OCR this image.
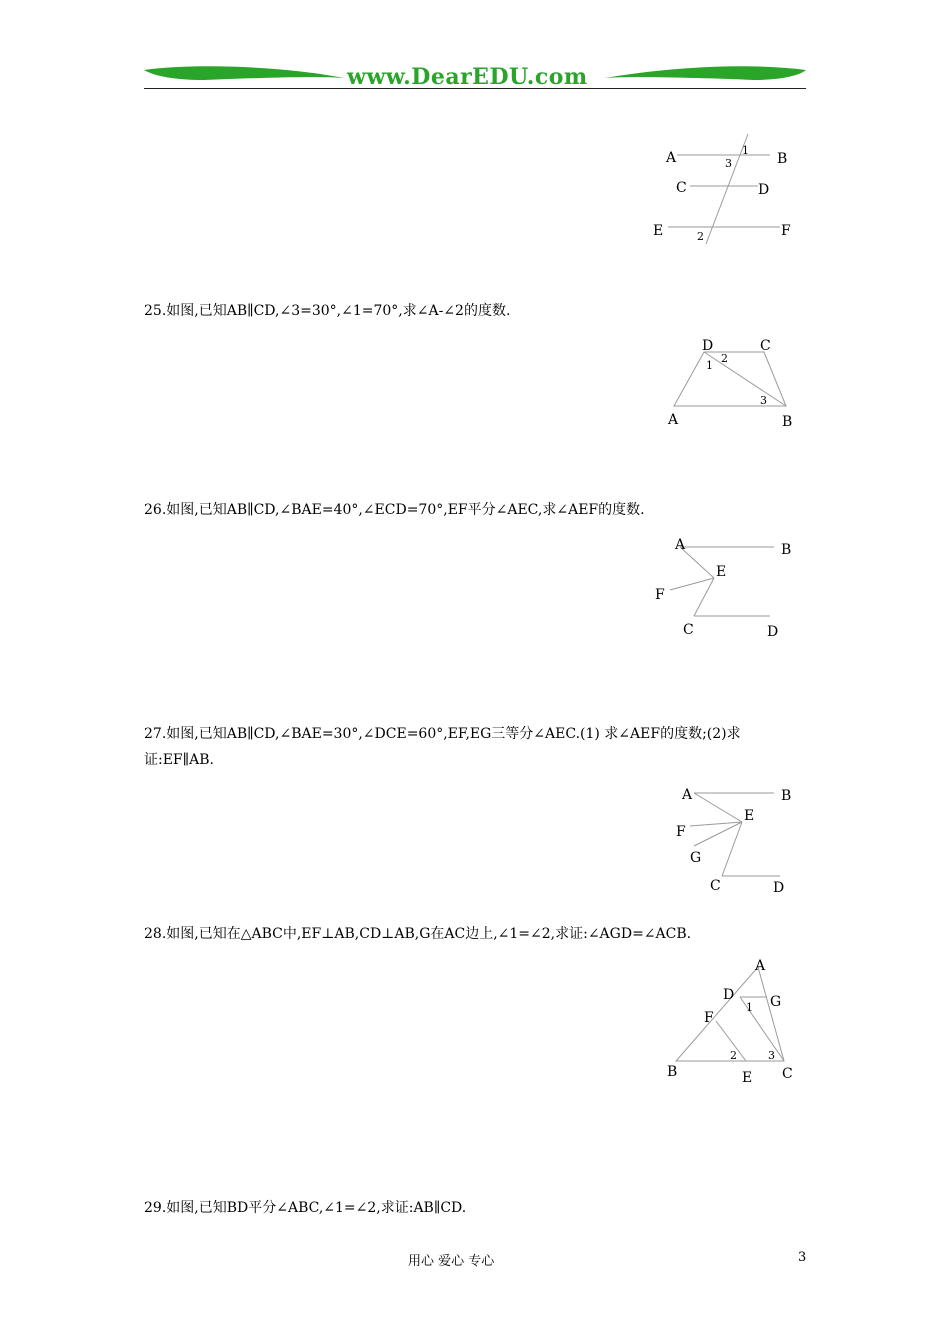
www.DearEDU.com
A	B
C	D
E	F
1
2
3
25.如图,已知AB∥CD,∠3=30°,∠1=70°,求∠A-∠2的度数.
D	C
A	B
1
2
3
26.如图,已知AB∥CD,∠BAE=40°,∠ECD=70°,EF平分∠AEC,求∠AEF的度数.
A	B
E
F
C	D
27.如图,已知AB∥CD,∠BAE=30°,∠DCE=60°,EF,EG三等分∠AEC.(1) 求∠AEF的度数;(2)求证:EF∥AB.
A	B
E
F
G
C	D
28.如图,已知在△ABC中,EF⊥AB,CD⊥AB,G在AC边上,∠1=∠2,求证:∠AGD=∠ACB.
A
D	G
F
1
2	3
B	E C
29.如图,已知BD平分∠ABC,∠1=∠2,求证:AB∥CD.
用心 爱心 专心	3
